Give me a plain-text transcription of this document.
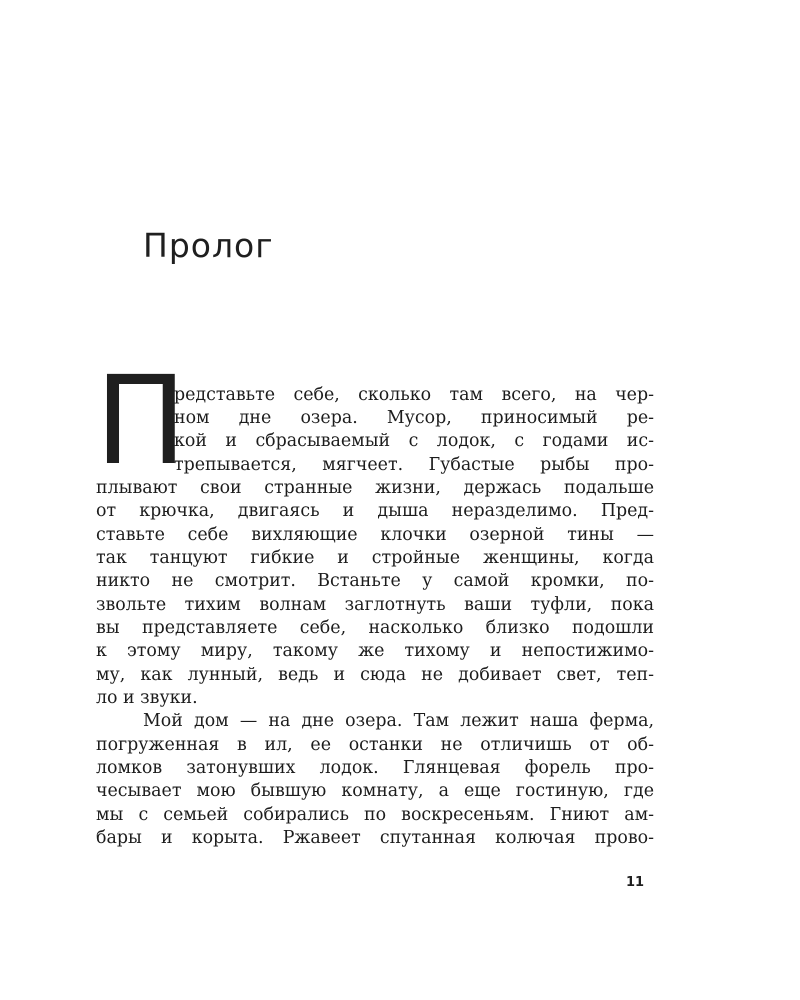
Пролог
П
редставьте себе, сколько там всего, на чер-
ном дне озера. Мусор, приносимый ре-
кой и сбрасываемый с лодок, с годами ис-
трепывается, мягчеет. Губастые рыбы про-
плывают свои странные жизни, держась подальше
от крючка, двигаясь и дыша неразделимо. Пред-
ставьте себе вихляющие клочки озерной тины —
так танцуют гибкие и стройные женщины, когда
никто не смотрит. Встаньте у самой кромки, по-
звольте тихим волнам заглотнуть ваши туфли, пока
вы представляете себе, насколько близко подошли
к этому миру, такому же тихому и непостижимо-
му, как лунный, ведь и сюда не добивает свет, теп-
ло и звуки.
Мой дом — на дне озера. Там лежит наша ферма,
погруженная в ил, ее останки не отличишь от об-
ломков затонувших лодок. Глянцевая форель про-
чесывает мою бывшую комнату, а еще гостиную, где
мы с семьей собирались по воскресеньям. Гниют ам-
бары и корыта. Ржавеет спутанная колючая прово-
11
